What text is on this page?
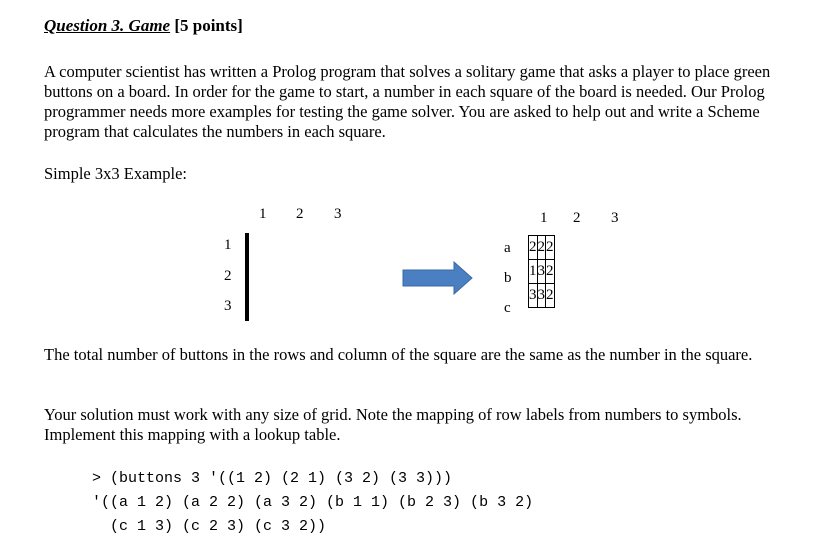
Question 3. Game [5 points]
A computer scientist has written a Prolog program that solves a solitary game that asks a player to place green buttons on a board. In order for the game to start, a number in each square of the board is needed. Our Prolog programmer needs more examples for testing the game solver. You are asked to help out and write a Scheme program that calculates the numbers in each square.
Simple 3x3 Example:
1 2 3
1
2
3

1 2 3
a
b
c
2	2	2
1	3	2
3	3	2
The total number of buttons in the rows and column of the square are the same as the number in the square.
Your solution must work with any size of grid. Note the mapping of row labels from numbers to symbols. Implement this mapping with a lookup table.
> (buttons 3 '((1 2) (2 1) (3 2) (3 3)))
'((a 1 2) (a 2 2) (a 3 2) (b 1 1) (b 2 3) (b 3 2)
(c 1 3) (c 2 3) (c 3 2))
